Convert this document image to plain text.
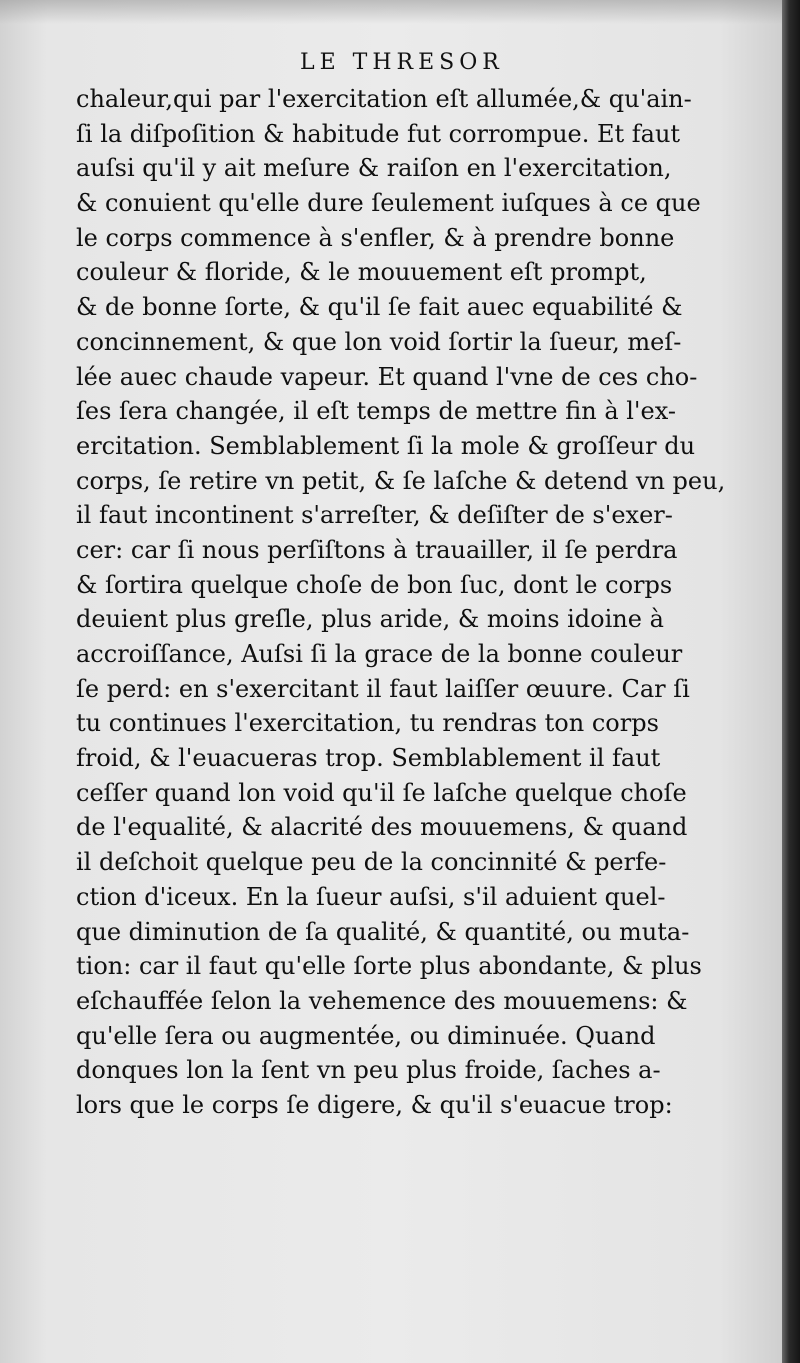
LE THRESOR
chaleur,qui par l'exercitation eſt allumée,& qu'ain-
ſi la diſpoſition & habitude fut corrompue. Et faut
auſsi qu'il y ait meſure & raiſon en l'exercitation,
& conuient qu'elle dure ſeulement iuſques à ce que
le corps commence à s'enfler, & à prendre bonne
couleur & floride, & le mouuement eſt prompt,
& de bonne ſorte, & qu'il ſe fait auec equabilité &
concinnement, & que lon void ſortir la ſueur, meſ-
lée auec chaude vapeur. Et quand l'vne de ces cho-
ſes ſera changée, il eſt temps de mettre fin à l'ex-
ercitation. Semblablement ſi la mole & groſſeur du
corps, ſe retire vn petit, & ſe laſche & detend vn peu,
il faut incontinent s'arreſter, & deſiſter de s'exer-
cer: car ſi nous perſiſtons à trauailler, il ſe perdra
& ſortira quelque choſe de bon ſuc, dont le corps
deuient plus greſle, plus aride, & moins idoine à
accroiſſance, Auſsi ſi la grace de la bonne couleur
ſe perd: en s'exercitant il faut laiſſer œuure. Car ſi
tu continues l'exercitation, tu rendras ton corps
froid, & l'euacueras trop. Semblablement il faut
ceſſer quand lon void qu'il ſe laſche quelque choſe
de l'equalité, & alacrité des mouuemens, & quand
il deſchoit quelque peu de la concinnité & perfe-
ction d'iceux. En la ſueur auſsi, s'il aduient quel-
que diminution de ſa qualité, & quantité, ou muta-
tion: car il faut qu'elle ſorte plus abondante, & plus
eſchauffée ſelon la vehemence des mouuemens: &
qu'elle ſera ou augmentée, ou diminuée. Quand
donques lon la ſent vn peu plus froide, ſaches a-
lors que le corps ſe digere, & qu'il s'euacue trop:
